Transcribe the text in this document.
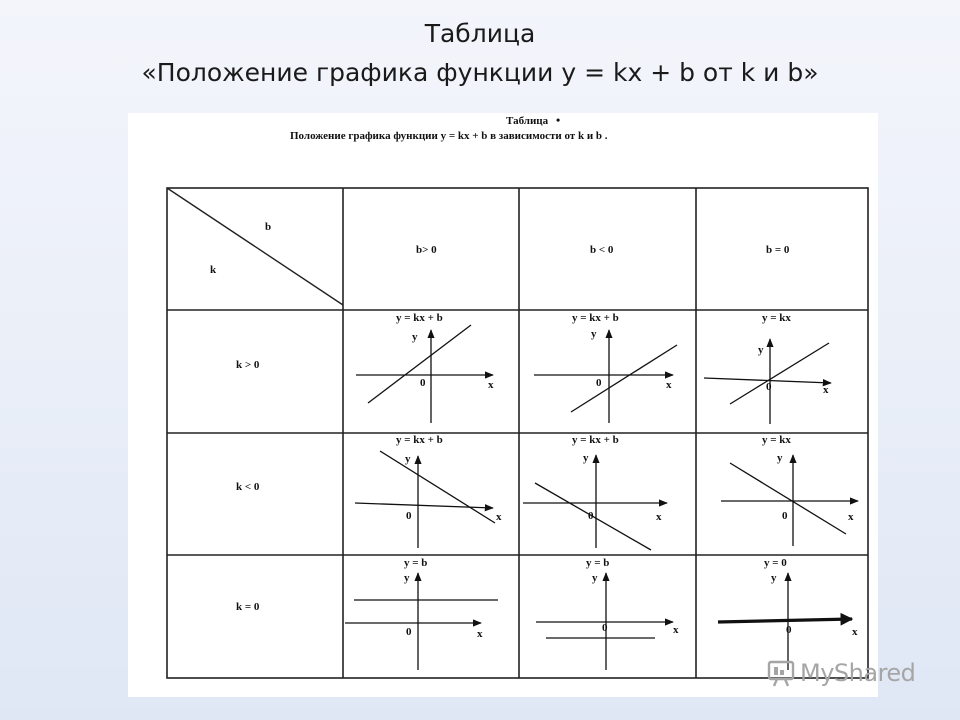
Таблица
«Положение графика функции y = kx + b от k и b»
Таблица •
Положение графика функции y = kx + b в зависимости от k и b .
b
k
b> 0	b < 0	b = 0
k > 0
k < 0
k = 0
y = kx + b
y
x
0
y = kx + b
y
x
0
y = kx
y
x
0
y = kx + b
y
x
0
y = kx + b
y
x
0
y = kx
y
x
0
y = b
y
x
0
y = b
y
x
0
y = 0
y
x
0
MyShared
